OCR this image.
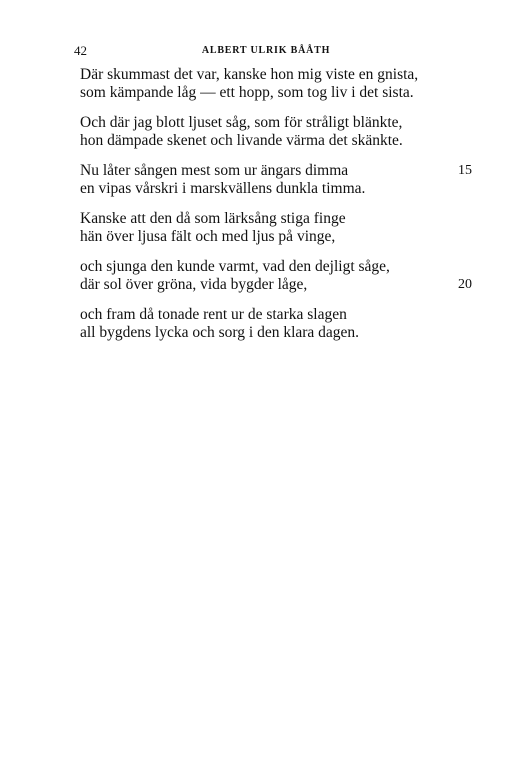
42	ALBERT ULRIK BÅÅTH
Där skummast det var, kanske hon mig viste en gnista,
som kämpande låg — ett hopp, som tog liv i det sista.
Och där jag blott ljuset såg, som för stråligt blänkte,
hon dämpade skenet och livande värma det skänkte.
Nu låter sången mest som ur ängars dimma	15
en vipas vårskri i marskvällens dunkla timma.
Kanske att den då som lärksång stiga finge
hän över ljusa fält och med ljus på vinge,
och sjunga den kunde varmt, vad den dejligt såge,
där sol över gröna, vida bygder låge,	20
och fram då tonade rent ur de starka slagen
all bygdens lycka och sorg i den klara dagen.
